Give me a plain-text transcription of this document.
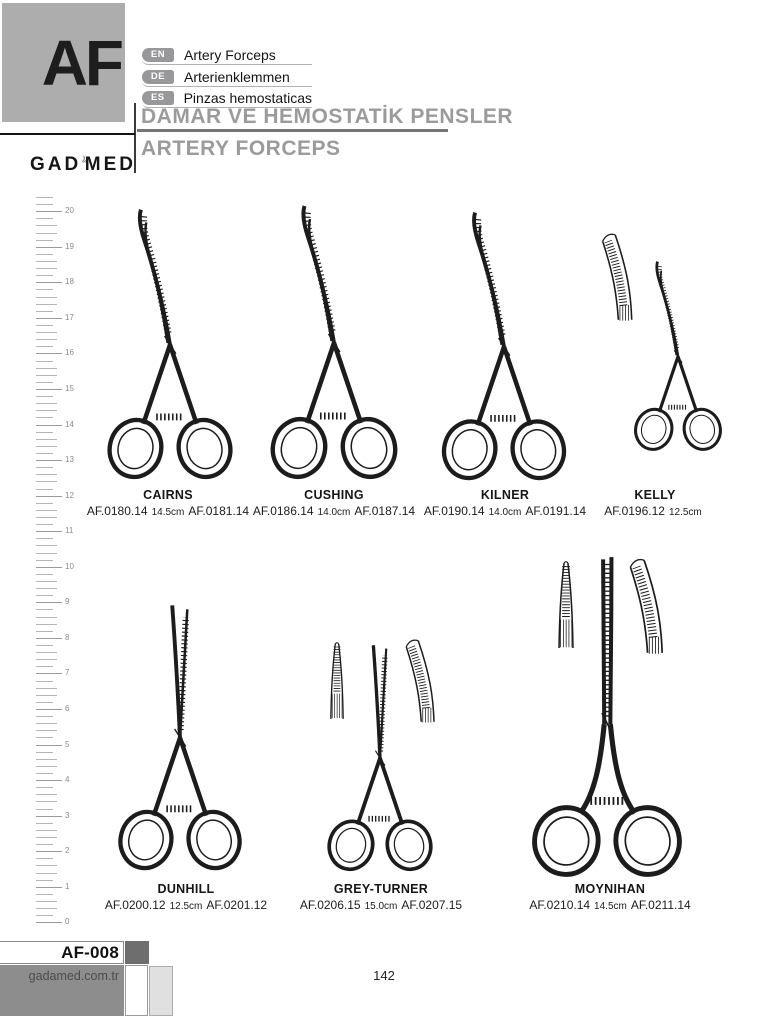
AF	EN	Artery Forceps
DE	Arterienklemmen
ES	Pinzas hemostaticas
DAMAR VE HEMOSTATİK PENSLER
ARTERY FORCEPS
GAD MED
20
19
18
17
16
15
14
13
12
11
10
9
8
7
6
5
4
3
2
1
0
CAIRNS
AF.0180.14 14.5cm AF.0181.14
CUSHING
AF.0186.14 14.0cm AF.0187.14
KILNER
AF.0190.14 14.0cm AF.0191.14
KELLY
AF.0196.12 12.5cm
DUNHILL
AF.0200.12 12.5cm AF.0201.12
GREY-TURNER
AF.0206.15 15.0cm AF.0207.15
MOYNIHAN
AF.0210.14 14.5cm AF.0211.14
AF-008
gadamed.com.tr	142
